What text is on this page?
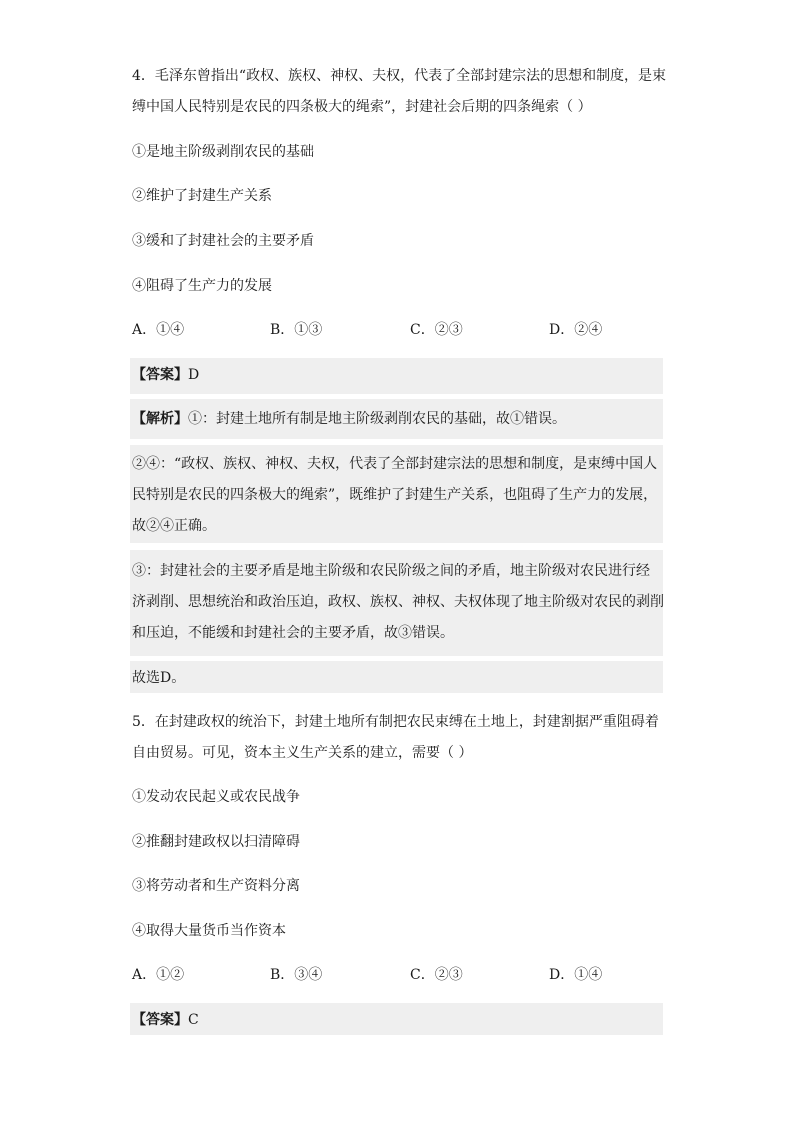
4．毛泽东曾指出“政权、族权、神权、夫权，代表了全部封建宗法的思想和制度，是束
缚中国人民特别是农民的四条极大的绳索”，封建社会后期的四条绳索（ ）
①是地主阶级剥削农民的基础
②维护了封建生产关系
③缓和了封建社会的主要矛盾
④阻碍了生产力的发展
A．①④	B．①③	C．②③	D．②④
【答案】D
【解析】①：封建土地所有制是地主阶级剥削农民的基础，故①错误。
②④：“政权、族权、神权、夫权，代表了全部封建宗法的思想和制度，是束缚中国人
民特别是农民的四条极大的绳索”，既维护了封建生产关系，也阻碍了生产力的发展，
故②④正确。
③：封建社会的主要矛盾是地主阶级和农民阶级之间的矛盾，地主阶级对农民进行经
济剥削、思想统治和政治压迫，政权、族权、神权、夫权体现了地主阶级对农民的剥削
和压迫，不能缓和封建社会的主要矛盾，故③错误。
故选D。
5．在封建政权的统治下，封建土地所有制把农民束缚在土地上，封建割据严重阻碍着
自由贸易。可见，资本主义生产关系的建立，需要（ ）
①发动农民起义或农民战争
②推翻封建政权以扫清障碍
③将劳动者和生产资料分离
④取得大量货币当作资本
A．①②	B．③④	C．②③	D．①④
【答案】C
